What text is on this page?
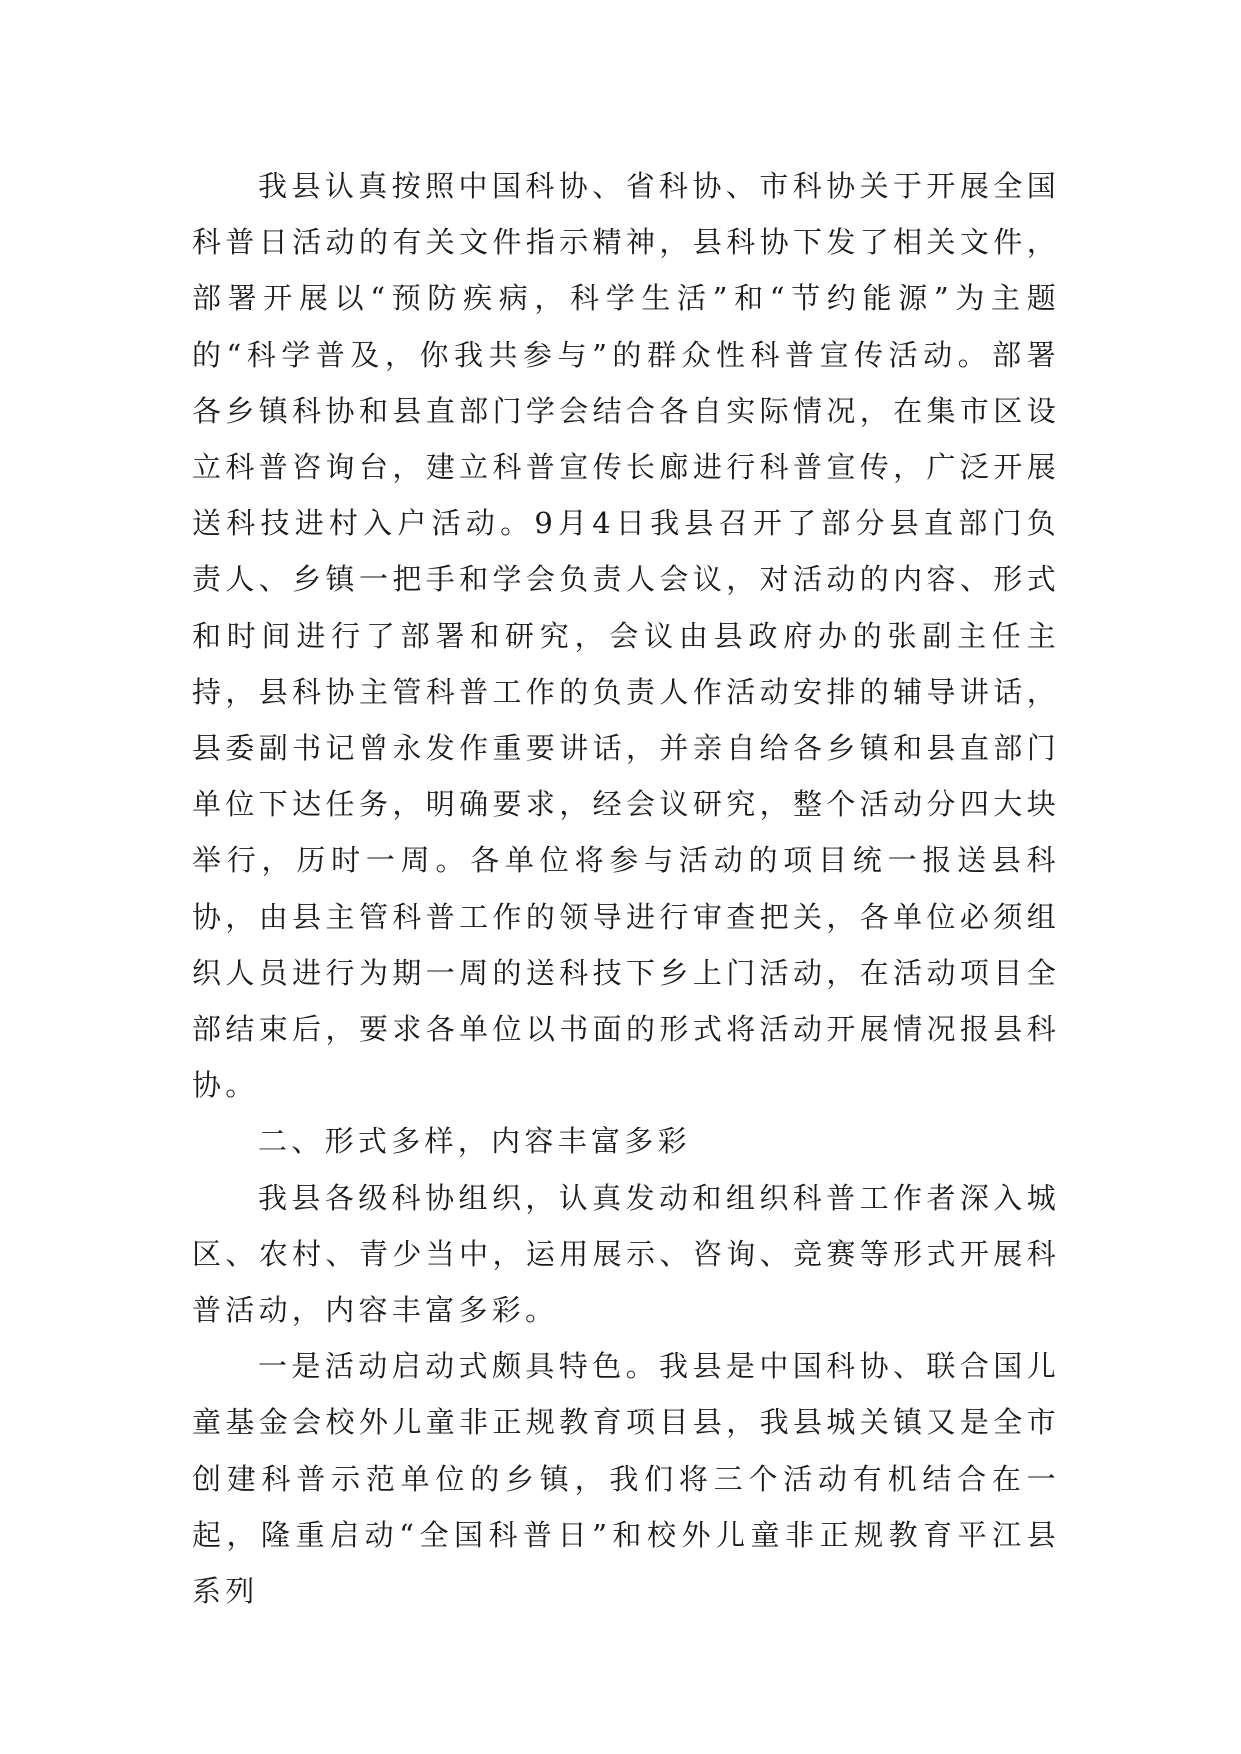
我县认真按照中国科协、省科协、市科协关于开展全国科普日活动的有关文件指示精神，县科协下发了相关文件，部署开展以“预防疾病，科学生活”和“节约能源”为主题的“科学普及，你我共参与”的群众性科普宣传活动。部署各乡镇科协和县直部门学会结合各自实际情况，在集市区设立科普咨询台，建立科普宣传长廊进行科普宣传，广泛开展送科技进村入户活动。9月4日我县召开了部分县直部门负责人、乡镇一把手和学会负责人会议，对活动的内容、形式和时间进行了部署和研究，会议由县政府办的张副主任主持，县科协主管科普工作的负责人作活动安排的辅导讲话，县委副书记曾永发作重要讲话，并亲自给各乡镇和县直部门单位下达任务，明确要求，经会议研究，整个活动分四大块举行，历时一周。各单位将参与活动的项目统一报送县科协，由县主管科普工作的领导进行审查把关，各单位必须组织人员进行为期一周的送科技下乡上门活动，在活动项目全部结束后，要求各单位以书面的形式将活动开展情况报县科协。

二、形式多样，内容丰富多彩

我县各级科协组织，认真发动和组织科普工作者深入城区、农村、青少当中，运用展示、咨询、竞赛等形式开展科普活动，内容丰富多彩。

一是活动启动式颇具特色。我县是中国科协、联合国儿童基金会校外儿童非正规教育项目县，我县城关镇又是全市创建科普示范单位的乡镇，我们将三个活动有机结合在一起，隆重启动“全国科普日”和校外儿童非正规教育平江县系列
